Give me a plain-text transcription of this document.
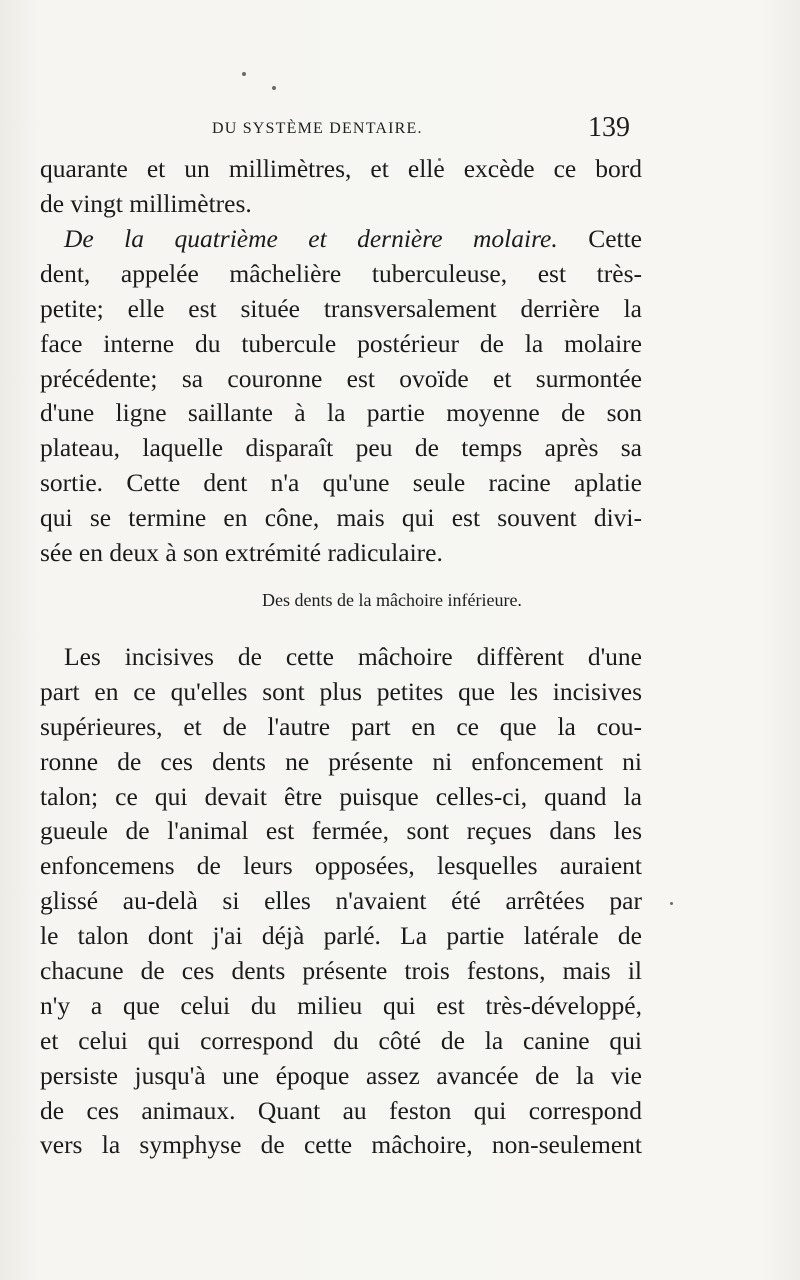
DU SYSTÈME DENTAIRE.	139
quarante et un millimètres, et elle excède ce bord
de vingt millimètres.
De la quatrième et dernière molaire. Cette
dent, appelée mâchelière tuberculeuse, est très-
petite; elle est située transversalement derrière la
face interne du tubercule postérieur de la molaire
précédente; sa couronne est ovoïde et surmontée
d'une ligne saillante à la partie moyenne de son
plateau, laquelle disparaît peu de temps après sa
sortie. Cette dent n'a qu'une seule racine aplatie
qui se termine en cône, mais qui est souvent divi-
sée en deux à son extrémité radiculaire.
Des dents de la mâchoire inférieure.
Les incisives de cette mâchoire diffèrent d'une
part en ce qu'elles sont plus petites que les incisives
supérieures, et de l'autre part en ce que la cou-
ronne de ces dents ne présente ni enfoncement ni
talon; ce qui devait être puisque celles-ci, quand la
gueule de l'animal est fermée, sont reçues dans les
enfoncemens de leurs opposées, lesquelles auraient
glissé au-delà si elles n'avaient été arrêtées par
le talon dont j'ai déjà parlé. La partie latérale de
chacune de ces dents présente trois festons, mais il
n'y a que celui du milieu qui est très-développé,
et celui qui correspond du côté de la canine qui
persiste jusqu'à une époque assez avancée de la vie
de ces animaux. Quant au feston qui correspond
vers la symphyse de cette mâchoire, non-seulement
